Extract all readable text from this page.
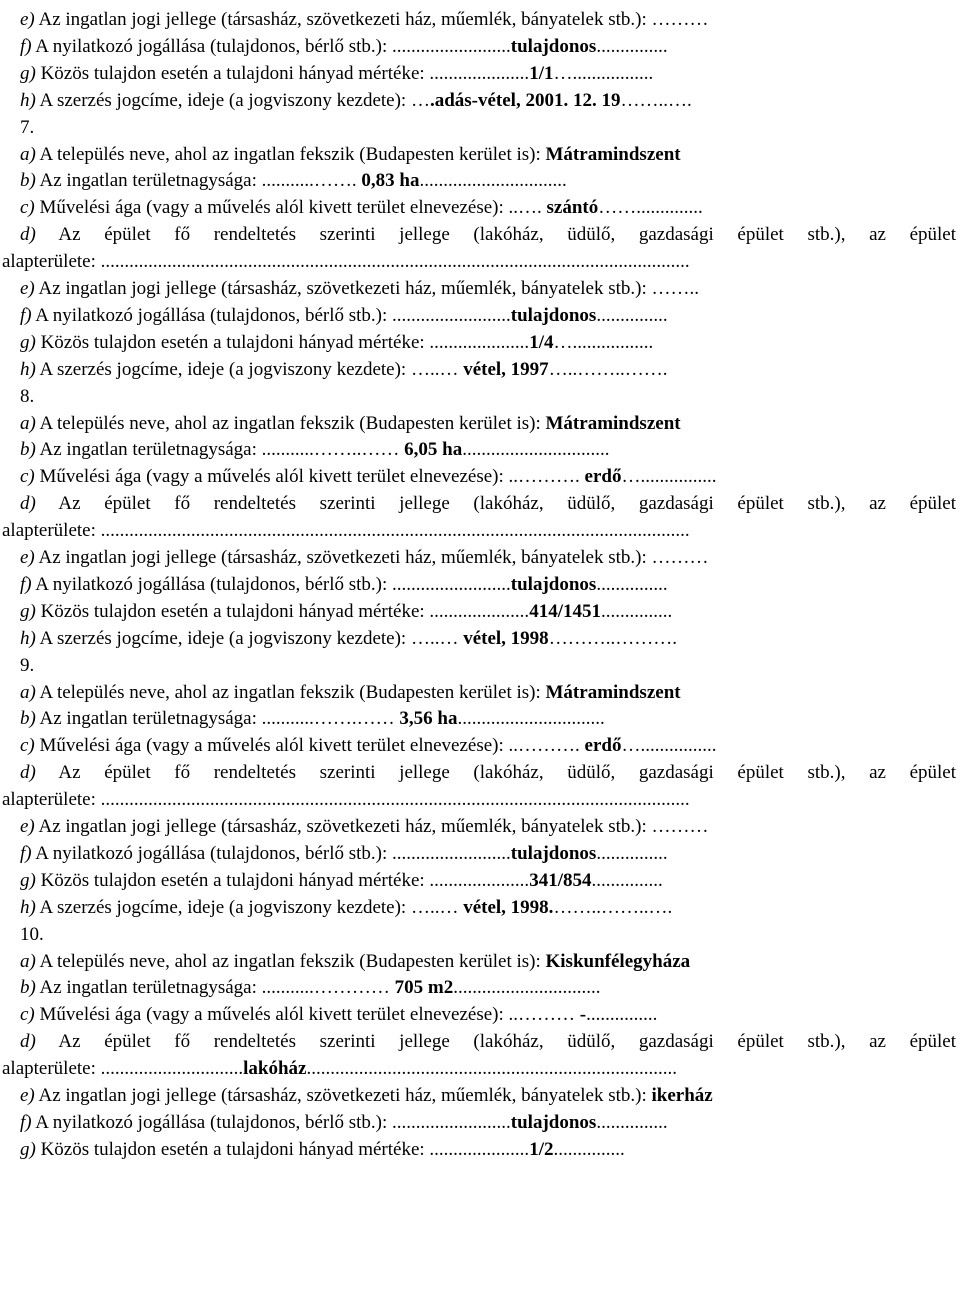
e) Az ingatlan jogi jellege (társasház, szövetkezeti ház, műemlék, bányatelek stb.): ………
f) A nyilatkozó jogállása (tulajdonos, bérlő stb.): .........................tulajdonos...............
g) Közös tulajdon esetén a tulajdoni hányad mértéke: .....................1/1….................
h) A szerzés jogcíme, ideje (a jogviszony kezdete): ….adás-vétel, 2001. 12. 19……..….
7.
a) A település neve, ahol az ingatlan fekszik (Budapesten kerület is): Mátramindszent
b) Az ingatlan területnagysága: ...........……. 0,83 ha...............................
c) Művelési ága (vagy a művelés alól kivett terület elnevezése): ..…. szántó……..............
d) Az épület fő rendeltetés szerinti jellege (lakóház, üdülő, gazdasági épület stb.), az épület
alapterülete: ............................................................................................................................
e) Az ingatlan jogi jellege (társasház, szövetkezeti ház, műemlék, bányatelek stb.): ……..
f) A nyilatkozó jogállása (tulajdonos, bérlő stb.): .........................tulajdonos...............
g) Közös tulajdon esetén a tulajdoni hányad mértéke: .....................1/4….................
h) A szerzés jogcíme, ideje (a jogviszony kezdete): …..… vétel, 1997…..……..…….
8.
a) A település neve, ahol az ingatlan fekszik (Budapesten kerület is): Mátramindszent
b) Az ingatlan területnagysága: ...........……..…… 6,05 ha...............................
c) Művelési ága (vagy a művelés alól kivett terület elnevezése): ..………. erdő…................
d) Az épület fő rendeltetés szerinti jellege (lakóház, üdülő, gazdasági épület stb.), az épület
alapterülete: ............................................................................................................................
e) Az ingatlan jogi jellege (társasház, szövetkezeti ház, műemlék, bányatelek stb.): ………
f) A nyilatkozó jogállása (tulajdonos, bérlő stb.): .........................tulajdonos...............
g) Közös tulajdon esetén a tulajdoni hányad mértéke: .....................414/1451...............
h) A szerzés jogcíme, ideje (a jogviszony kezdete): …..… vétel, 1998………..……….
9.
a) A település neve, ahol az ingatlan fekszik (Budapesten kerület is): Mátramindszent
b) Az ingatlan területnagysága: ...........…….…… 3,56 ha...............................
c) Művelési ága (vagy a művelés alól kivett terület elnevezése): ..………. erdő…................
d) Az épület fő rendeltetés szerinti jellege (lakóház, üdülő, gazdasági épület stb.), az épület
alapterülete: ............................................................................................................................
e) Az ingatlan jogi jellege (társasház, szövetkezeti ház, műemlék, bányatelek stb.): ………
f) A nyilatkozó jogállása (tulajdonos, bérlő stb.): .........................tulajdonos...............
g) Közös tulajdon esetén a tulajdoni hányad mértéke: .....................341/854...............
h) A szerzés jogcíme, ideje (a jogviszony kezdete): …..… vétel, 1998.……..……..….
10.
a) A település neve, ahol az ingatlan fekszik (Budapesten kerület is): Kiskunfélegyháza
b) Az ingatlan területnagysága: ...........………… 705 m2...............................
c) Művelési ága (vagy a művelés alól kivett terület elnevezése): ..……… -...............
d) Az épület fő rendeltetés szerinti jellege (lakóház, üdülő, gazdasági épület stb.), az épület
alapterülete: ..............................lakóház..............................................................................
e) Az ingatlan jogi jellege (társasház, szövetkezeti ház, műemlék, bányatelek stb.): ikerház
f) A nyilatkozó jogállása (tulajdonos, bérlő stb.): .........................tulajdonos...............
g) Közös tulajdon esetén a tulajdoni hányad mértéke: .....................1/2...............
